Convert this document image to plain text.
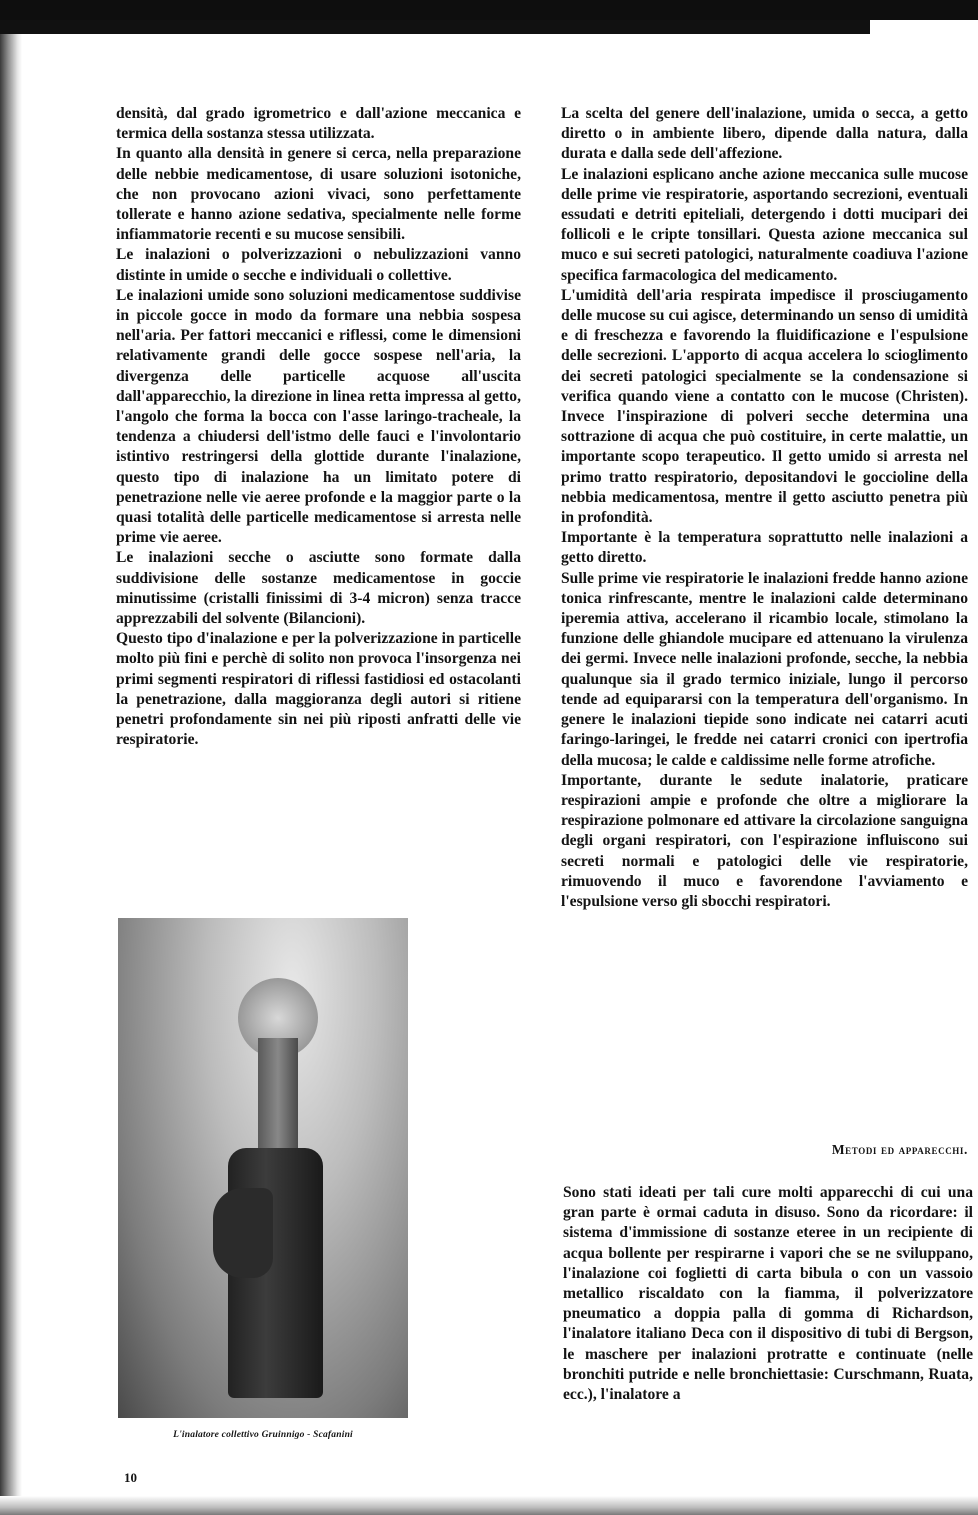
densità, dal grado igrometrico e dall'azione meccanica e termica della sostanza stessa utilizzata.

In quanto alla densità in genere si cerca, nella preparazione delle nebbie medicamentose, di usare soluzioni isotoniche, che non provocano azioni vivaci, sono perfettamente tollerate e hanno azione sedativa, specialmente nelle forme infiammatorie recenti e su mucose sensibili.

Le inalazioni o polverizzazioni o nebulizzazioni vanno distinte in umide o secche e individuali o collettive.

Le inalazioni umide sono soluzioni medicamentose suddivise in piccole gocce in modo da formare una nebbia sospesa nell'aria. Per fattori meccanici e riflessi, come le dimensioni relativamente grandi delle gocce sospese nell'aria, la divergenza delle particelle acquose all'uscita dall'apparecchio, la direzione in linea retta impressa al getto, l'angolo che forma la bocca con l'asse laringo-tracheale, la tendenza a chiudersi dell'istmo delle fauci e l'involontario istintivo restringersi della glottide durante l'inalazione, questo tipo di inalazione ha un limitato potere di penetrazione nelle vie aeree profonde e la maggior parte o la quasi totalità delle particelle medicamentose si arresta nelle prime vie aeree.

Le inalazioni secche o asciutte sono formate dalla suddivisione delle sostanze medicamentose in goccie minutissime (cristalli finissimi di 3-4 micron) senza tracce apprezzabili del solvente (Bilancioni).

Questo tipo d'inalazione e per la polverizzazione in particelle molto più fini e perchè di solito non provoca l'insorgenza nei primi segmenti respiratori di riflessi fastidiosi ed ostacolanti la penetrazione, dalla maggioranza degli autori si ritiene penetri profondamente sin nei più riposti anfratti delle vie respiratorie.

L'inalatore collettivo Gruinnigo - Scafanini

La scelta del genere dell'inalazione, umida o secca, a getto diretto o in ambiente libero, dipende dalla natura, dalla durata e dalla sede dell'affezione.

Le inalazioni esplicano anche azione meccanica sulle mucose delle prime vie respiratorie, asportando secrezioni, eventuali essudati e detriti epiteliali, detergendo i dotti mucipari dei follicoli e le cripte tonsillari. Questa azione meccanica sul muco e sui secreti patologici, naturalmente coadiuva l'azione specifica farmacologica del medicamento.

L'umidità dell'aria respirata impedisce il prosciugamento delle mucose su cui agisce, determinando un senso di umidità e di freschezza e favorendo la fluidificazione e l'espulsione delle secrezioni. L'apporto di acqua accelera lo scioglimento dei secreti patologici specialmente se la condensazione si verifica quando viene a contatto con le mucose (Christen). Invece l'inspirazione di polveri secche determina una sottrazione di acqua che può costituire, in certe malattie, un importante scopo terapeutico. Il getto umido si arresta nel primo tratto respiratorio, depositandovi le goccioline della nebbia medicamentosa, mentre il getto asciutto penetra più in profondità.

Importante è la temperatura soprattutto nelle inalazioni a getto diretto.

Sulle prime vie respiratorie le inalazioni fredde hanno azione tonica rinfrescante, mentre le inalazioni calde determinano iperemia attiva, accelerano il ricambio locale, stimolano la funzione delle ghiandole mucipare ed attenuano la virulenza dei germi. Invece nelle inalazioni profonde, secche, la nebbia qualunque sia il grado termico iniziale, lungo il percorso tende ad equipararsi con la temperatura dell'organismo. In genere le inalazioni tiepide sono indicate nei catarri acuti faringo-laringei, le fredde nei catarri cronici con ipertrofia della mucosa; le calde e caldissime nelle forme atrofiche.

Importante, durante le sedute inalatorie, praticare respirazioni ampie e profonde che oltre a migliorare la respirazione polmonare ed attivare la circolazione sanguigna degli organi respiratori, con l'espirazione influiscono sui secreti normali e patologici delle vie respiratorie, rimuovendo il muco e favorendone l'avviamento e l'espulsione verso gli sbocchi respiratori.

Metodi ed apparecchi.

Sono stati ideati per tali cure molti apparecchi di cui una gran parte è ormai caduta in disuso. Sono da ricordare: il sistema d'immissione di sostanze eteree in un recipiente di acqua bollente per respirarne i vapori che se ne sviluppano, l'inalazione coi foglietti di carta bibula o con un vassoio metallico riscaldato con la fiamma, il polverizzatore pneumatico a doppia palla di gomma di Richardson, l'inalatore italiano Deca con il dispositivo di tubi di Bergson, le maschere per inalazioni protratte e continuate (nelle bronchiti putride e nelle bronchiettasie: Curschmann, Ruata, ecc.), l'inalatore a

10
